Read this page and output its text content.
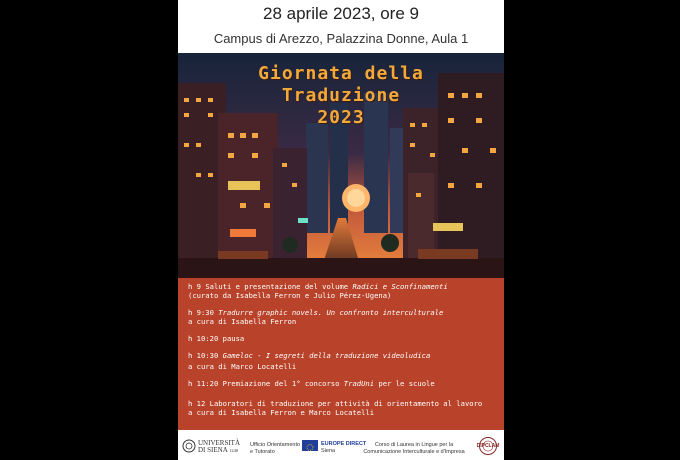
28 aprile 2023, ore 9
Campus di Arezzo, Palazzina Donne, Aula 1
Giornata della
Traduzione
2023
h 9 Saluti e presentazione del volume Radici e Sconfinamenti
(curato da Isabella Ferron e Julio Pérez-Ugena)
h 9:30 Tradurre graphic novels. Un confronto interculturale
a cura di Isabella Ferron
h 10:20 pausa
h 10:30 Gameloc - I segreti della traduzione videoludica
a cura di Marco Locatelli
h 11:20 Premiazione del 1° concorso TradUni per le scuole
h 12 Laboratori di traduzione per attività di orientamento al lavoro
a cura di Isabella Ferron e Marco Locatelli
UNIVERSITÀ
DI SIENA 1240
Ufficio Orientamento
e Tutorato
EUROPE DIRECT
Siena
Corso di Laurea in Lingue per la
Comunicazione Interculturale e d'Impresa
DIPCLAM
